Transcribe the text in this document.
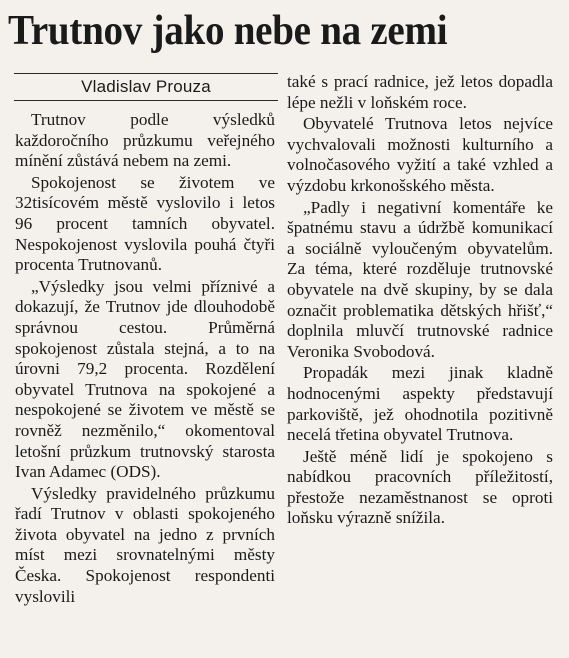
Trutnov jako nebe na zemi
Vladislav Prouza

Trutnov podle výsledků každoročního průzkumu veřejného mínění zůstává nebem na zemi.

Spokojenost se životem ve 32tisícovém městě vyslovilo i letos 96 procent tamních obyvatel. Nespokojenost vyslovila pouhá čtyři procenta Trutnovanů.

„Výsledky jsou velmi příznivé a dokazují, že Trutnov jde dlouhodobě správnou cestou. Průměrná spokojenost zůstala stejná, a to na úrovni 79,2 procenta. Rozdělení obyvatel Trutnova na spokojené a nespokojené se životem ve městě se rovněž nezměnilo,“ okomentoval letošní průzkum trutnovský starosta Ivan Adamec (ODS).

Výsledky pravidelného průzkumu řadí Trutnov v oblasti spokojeného života obyvatel na jedno z prvních míst mezi srovnatelnými městy Česka. Spokojenost respondenti vyslovili

také s prací radnice, jež letos dopadla lépe nežli v loňském roce.

Obyvatelé Trutnova letos nejvíce vychvalovali možnosti kulturního a volnočasového vyžití a také vzhled a výzdobu krkonošského města.

„Padly i negativní komentáře ke špatnému stavu a údržbě komunikací a sociálně vyloučeným obyvatelům. Za téma, které rozděluje trutnovské obyvatele na dvě skupiny, by se dala označit problematika dětských hřišť,“ doplnila mluvčí trutnovské radnice Veronika Svobodová.

Propadák mezi jinak kladně hodnocenými aspekty představují parkoviště, jež ohodnotila pozitivně necelá třetina obyvatel Trutnova.

Ještě méně lidí je spokojeno s nabídkou pracovních příležitostí, přestože nezaměstnanost se oproti loňsku výrazně snížila.
